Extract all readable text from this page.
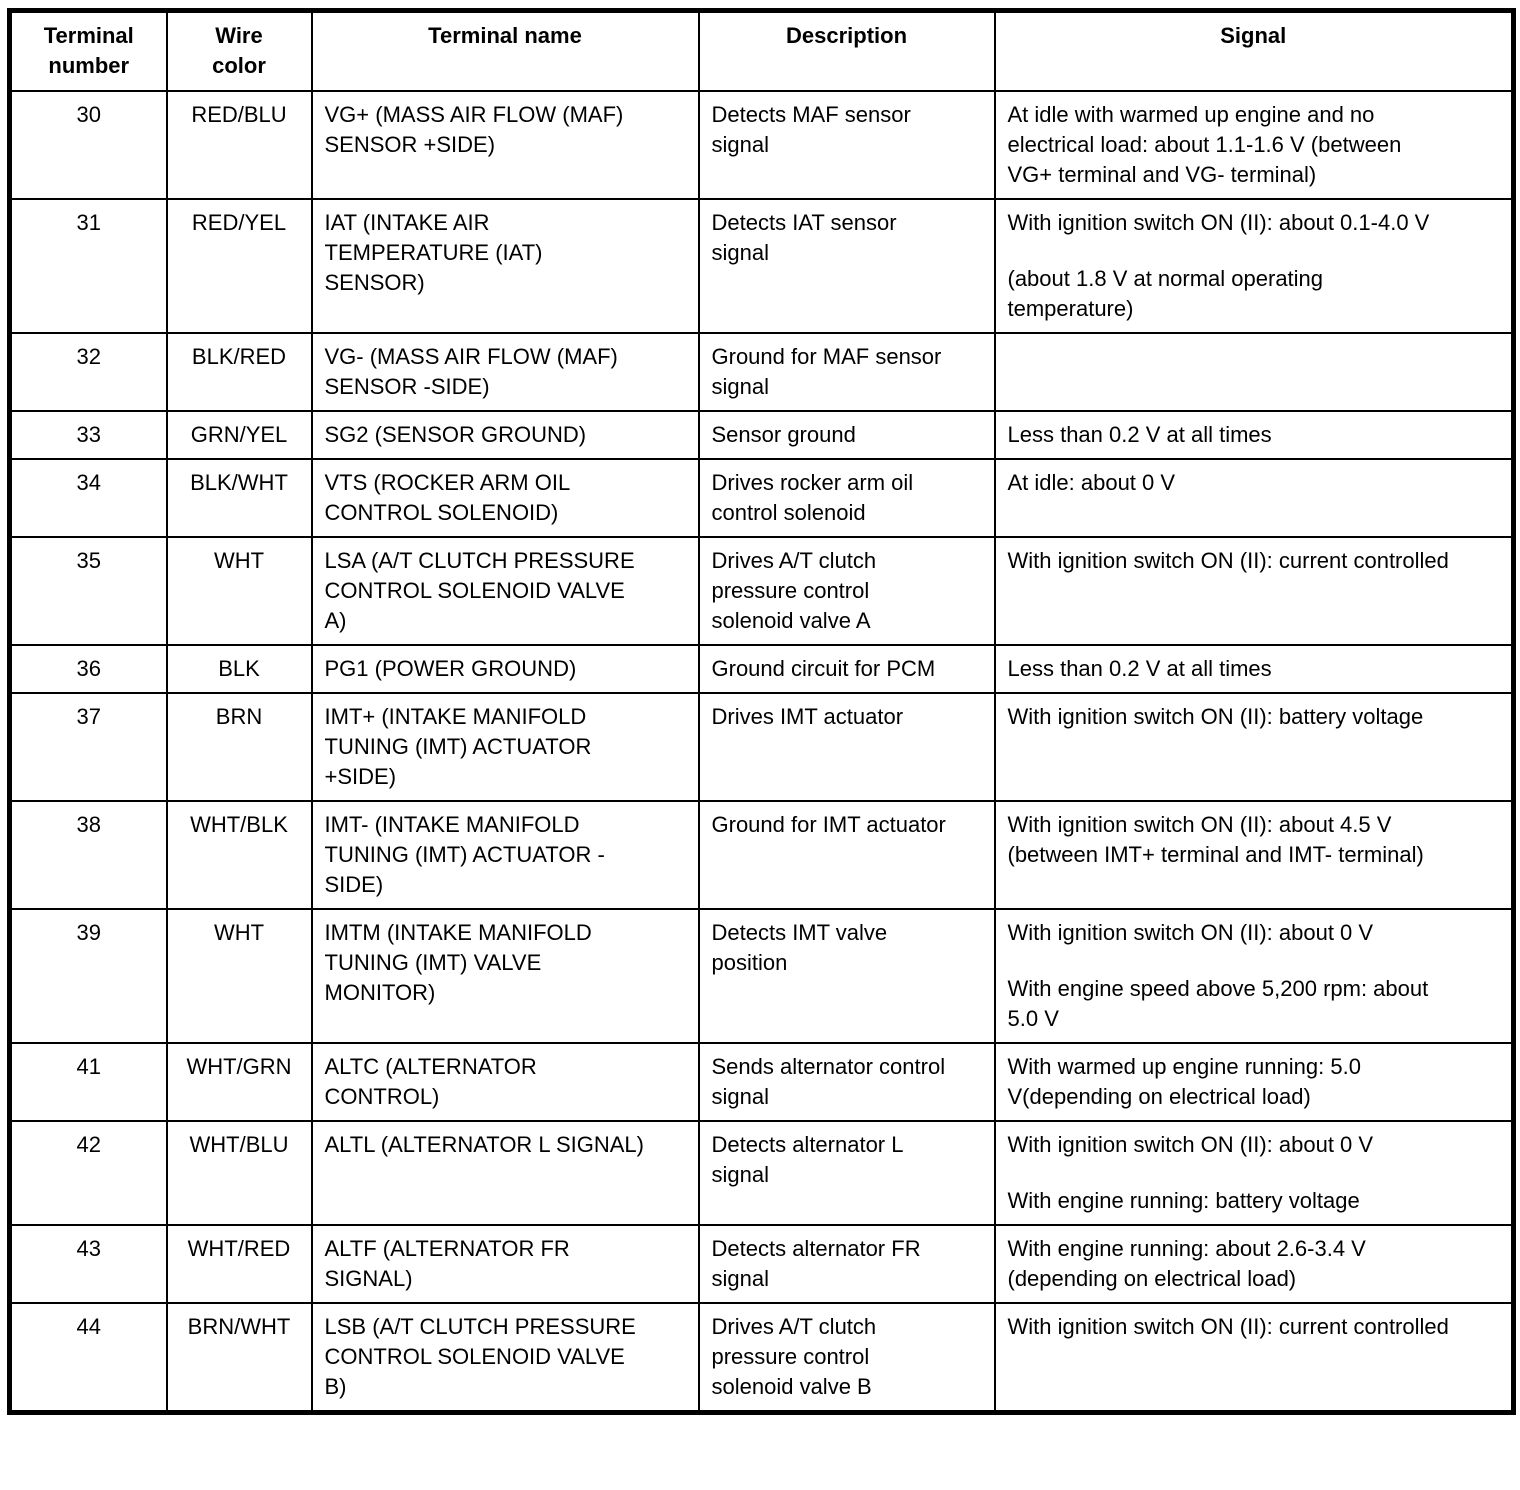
Terminal
number	Wire
color	Terminal name	Description	Signal

30	RED/BLU	VG+ (MASS AIR FLOW (MAF) SENSOR +SIDE)	Detects MAF sensor signal	At idle with warmed up engine and no electrical load: about 1.1-1.6 V (between VG+ terminal and VG- terminal)

31	RED/YEL	IAT (INTAKE AIR TEMPERATURE (IAT) SENSOR)	Detects IAT sensor signal	With ignition switch ON (II): about 0.1-4.0 V
(about 1.8 V at normal operating temperature)

32	BLK/RED	VG- (MASS AIR FLOW (MAF) SENSOR -SIDE)	Ground for MAF sensor signal	

33	GRN/YEL	SG2 (SENSOR GROUND)	Sensor ground	Less than 0.2 V at all times

34	BLK/WHT	VTS (ROCKER ARM OIL CONTROL SOLENOID)	Drives rocker arm oil control solenoid	At idle: about 0 V

35	WHT	LSA (A/T CLUTCH PRESSURE CONTROL SOLENOID VALVE A)	Drives A/T clutch pressure control solenoid valve A	With ignition switch ON (II): current controlled

36	BLK	PG1 (POWER GROUND)	Ground circuit for PCM	Less than 0.2 V at all times

37	BRN	IMT+ (INTAKE MANIFOLD TUNING (IMT) ACTUATOR +SIDE)	Drives IMT actuator	With ignition switch ON (II): battery voltage

38	WHT/BLK	IMT- (INTAKE MANIFOLD TUNING (IMT) ACTUATOR -SIDE)	Ground for IMT actuator	With ignition switch ON (II): about 4.5 V (between IMT+ terminal and IMT- terminal)

39	WHT	IMTM (INTAKE MANIFOLD TUNING (IMT) VALVE MONITOR)	Detects IMT valve position	With ignition switch ON (II): about 0 V
With engine speed above 5,200 rpm: about 5.0 V

41	WHT/GRN	ALTC (ALTERNATOR CONTROL)	Sends alternator control signal	With warmed up engine running: 5.0 V(depending on electrical load)

42	WHT/BLU	ALTL (ALTERNATOR L SIGNAL)	Detects alternator L signal	With ignition switch ON (II): about 0 V
With engine running: battery voltage

43	WHT/RED	ALTF (ALTERNATOR FR SIGNAL)	Detects alternator FR signal	With engine running: about 2.6-3.4 V (depending on electrical load)

44	BRN/WHT	LSB (A/T CLUTCH PRESSURE CONTROL SOLENOID VALVE B)	Drives A/T clutch pressure control solenoid valve B	With ignition switch ON (II): current controlled
